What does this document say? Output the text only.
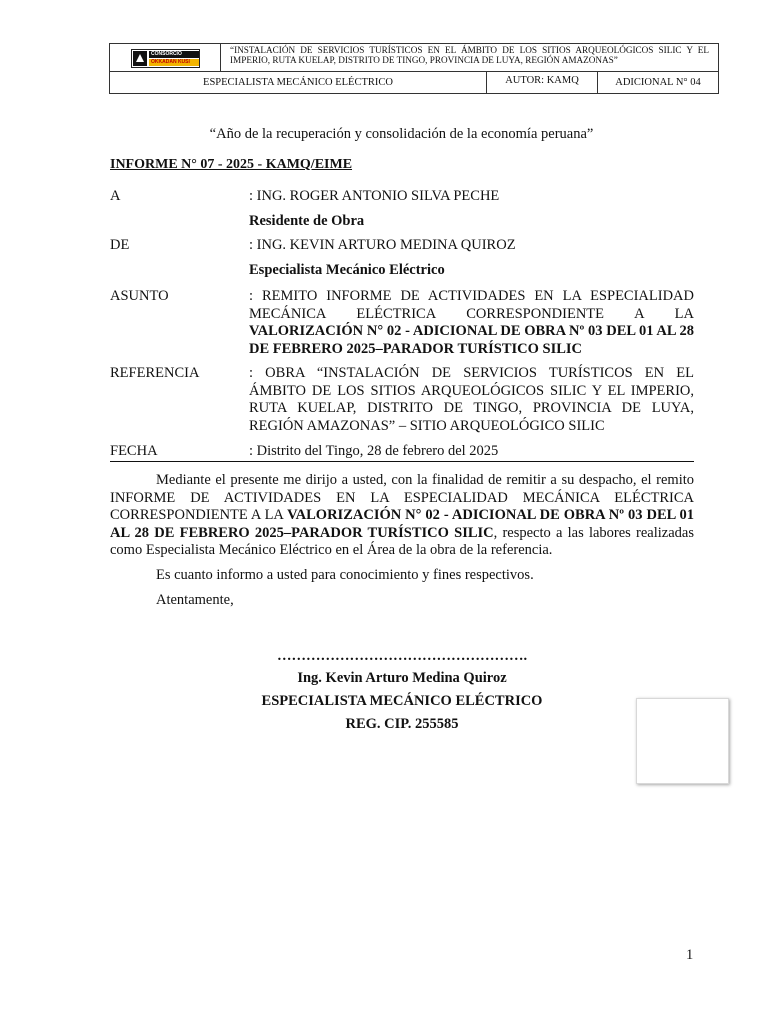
CONSORCIO
OKKADAN KUSI
“INSTALACIÓN DE SERVICIOS TURÍSTICOS EN EL ÁMBITO DE LOS SITIOS ARQUEOLÓGICOS SILIC Y EL IMPERIO, RUTA KUELAP, DISTRITO DE TINGO, PROVINCIA DE LUYA, REGIÓN AMAZONAS”
ESPECIALISTA MECÁNICO ELÉCTRICO	AUTOR: KAMQ	ADICIONAL N° 04
“Año de la recuperación y consolidación de la economía peruana”
INFORME N° 07 - 2025 - KAMQ/EIME
A	: ING. ROGER ANTONIO SILVA PECHE
Residente de Obra
DE	: ING. KEVIN ARTURO MEDINA QUIROZ
Especialista Mecánico Eléctrico
ASUNTO	: REMITO INFORME DE ACTIVIDADES EN LA ESPECIALIDAD MECÁNICA ELÉCTRICA CORRESPONDIENTE A LA
VALORIZACIÓN N° 02 - ADICIONAL DE OBRA Nº 03 DEL 01 AL 28 DE FEBRERO 2025–PARADOR TURÍSTICO SILIC
REFERENCIA	: OBRA “INSTALACIÓN DE SERVICIOS TURÍSTICOS EN EL ÁMBITO DE LOS SITIOS ARQUEOLÓGICOS SILIC Y EL IMPERIO, RUTA KUELAP, DISTRITO DE TINGO, PROVINCIA DE LUYA, REGIÓN AMAZONAS” – SITIO ARQUEOLÓGICO SILIC
FECHA	: Distrito del Tingo, 28 de febrero del 2025
Mediante el presente me dirijo a usted, con la finalidad de remitir a su despacho, el remito INFORME DE ACTIVIDADES EN LA ESPECIALIDAD MECÁNICA ELÉCTRICA CORRESPONDIENTE A LA VALORIZACIÓN N° 02 - ADICIONAL DE OBRA Nº 03 DEL 01 AL 28 DE FEBRERO 2025–PARADOR TURÍSTICO SILIC, respecto a las labores realizadas como Especialista Mecánico Eléctrico en el Área de la obra de la referencia.
Es cuanto informo a usted para conocimiento y fines respectivos.
Atentamente,
…………………………………………….
Ing. Kevin Arturo Medina Quiroz
ESPECIALISTA MECÁNICO ELÉCTRICO
REG. CIP. 255585
1
